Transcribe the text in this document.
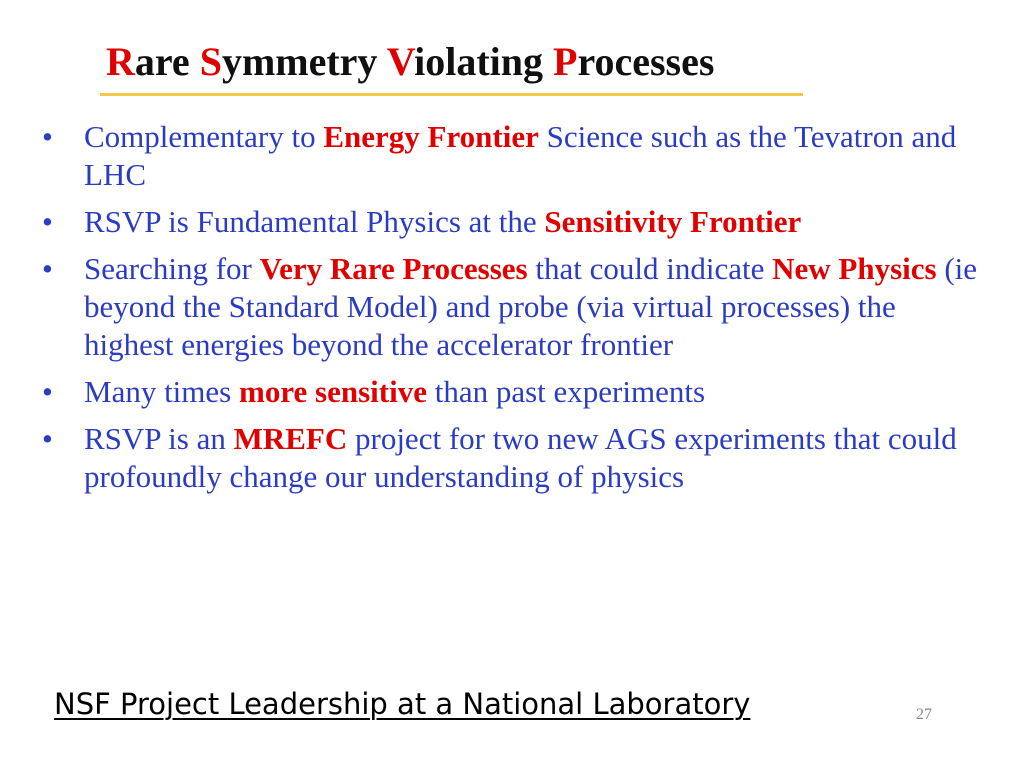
Rare Symmetry Violating Processes
• Complementary to Energy Frontier Science such as the Tevatron and LHC
• RSVP is Fundamental Physics at the Sensitivity Frontier
• Searching for Very Rare Processes that could indicate New Physics (ie beyond the Standard Model) and probe (via virtual processes) the highest energies beyond the accelerator frontier
• Many times more sensitive than past experiments
• RSVP is an MREFC project for two new AGS experiments that could profoundly change our understanding of physics
27
NSF Project Leadership at a National Laboratory
